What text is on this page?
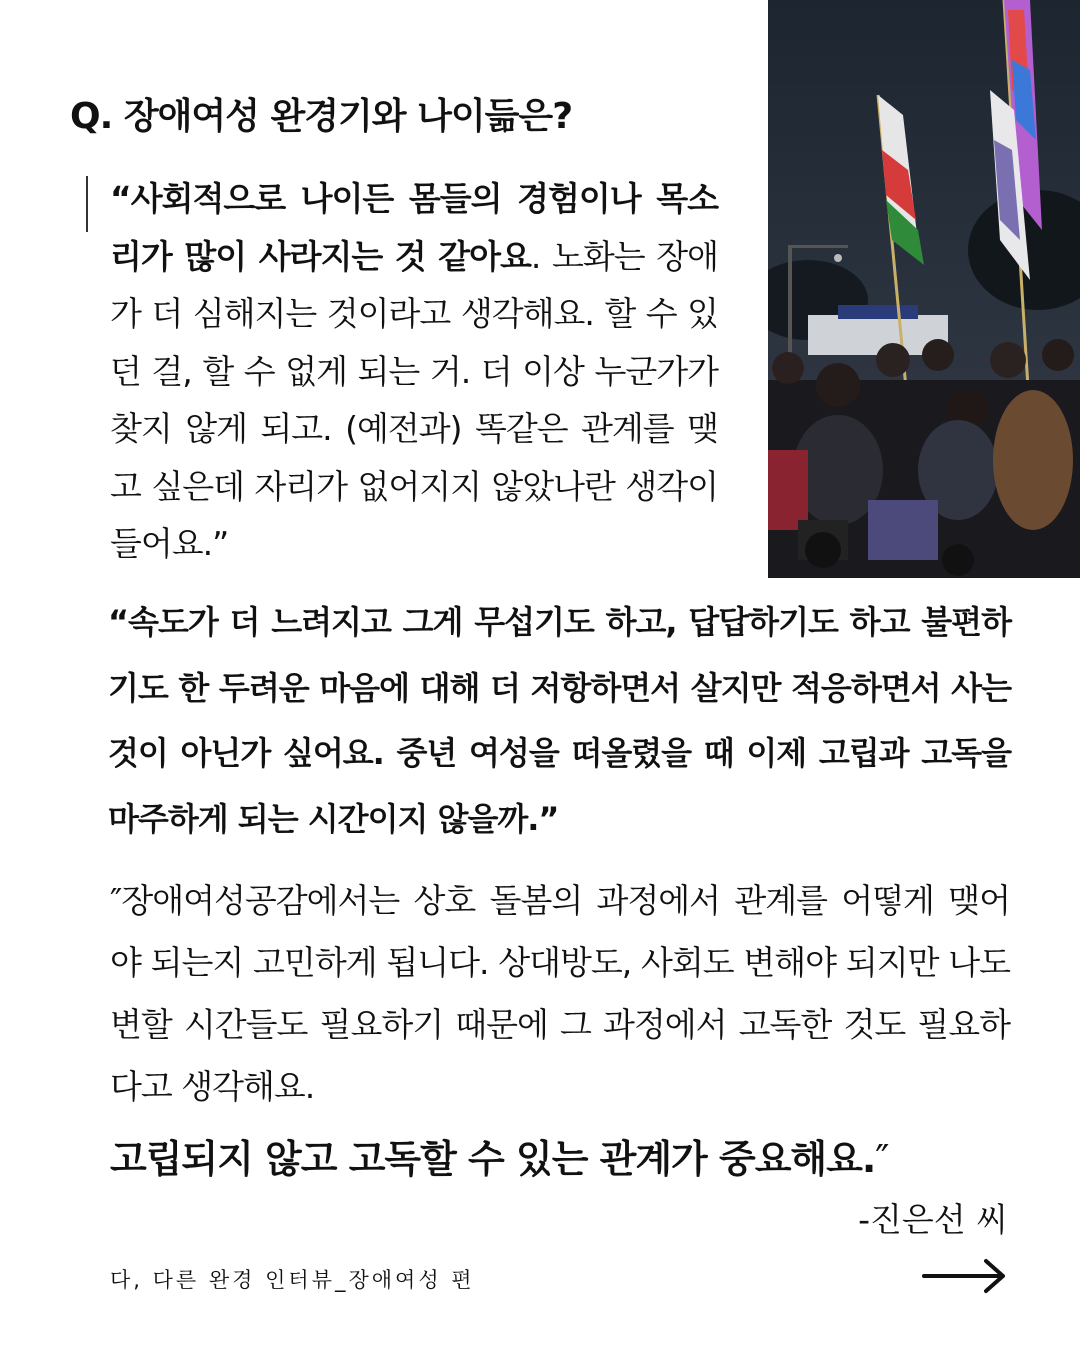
Q. 장애여성 완경기와 나이듦은?

“사회적으로 나이든 몸들의 경험이나 목소리가 많이 사라지는 것 같아요. 노화는 장애가 더 심해지는 것이라고 생각해요. 할 수 있던 걸, 할 수 없게 되는 거. 더 이상 누군가가 찾지 않게 되고. (예전과) 똑같은 관계를 맺고 싶은데 자리가 없어지지 않았나란 생각이 들어요.”

“속도가 더 느려지고 그게 무섭기도 하고, 답답하기도 하고 불편하기도 한 두려운 마음에 대해 더 저항하면서 살지만 적응하면서 사는 것이 아닌가 싶어요. 중년 여성을 떠올렸을 때 이제 고립과 고독을 마주하게 되는 시간이지 않을까.”

″장애여성공감에서는 상호 돌봄의 과정에서 관계를 어떻게 맺어야 되는지 고민하게 됩니다. 상대방도, 사회도 변해야 되지만 나도 변할 시간들도 필요하기 때문에 그 과정에서 고독한 것도 필요하다고 생각해요.

고립되지 않고 고독할 수 있는 관계가 중요해요.″

-진은선 씨

다, 다른 완경 인터뷰_장애여성 편
